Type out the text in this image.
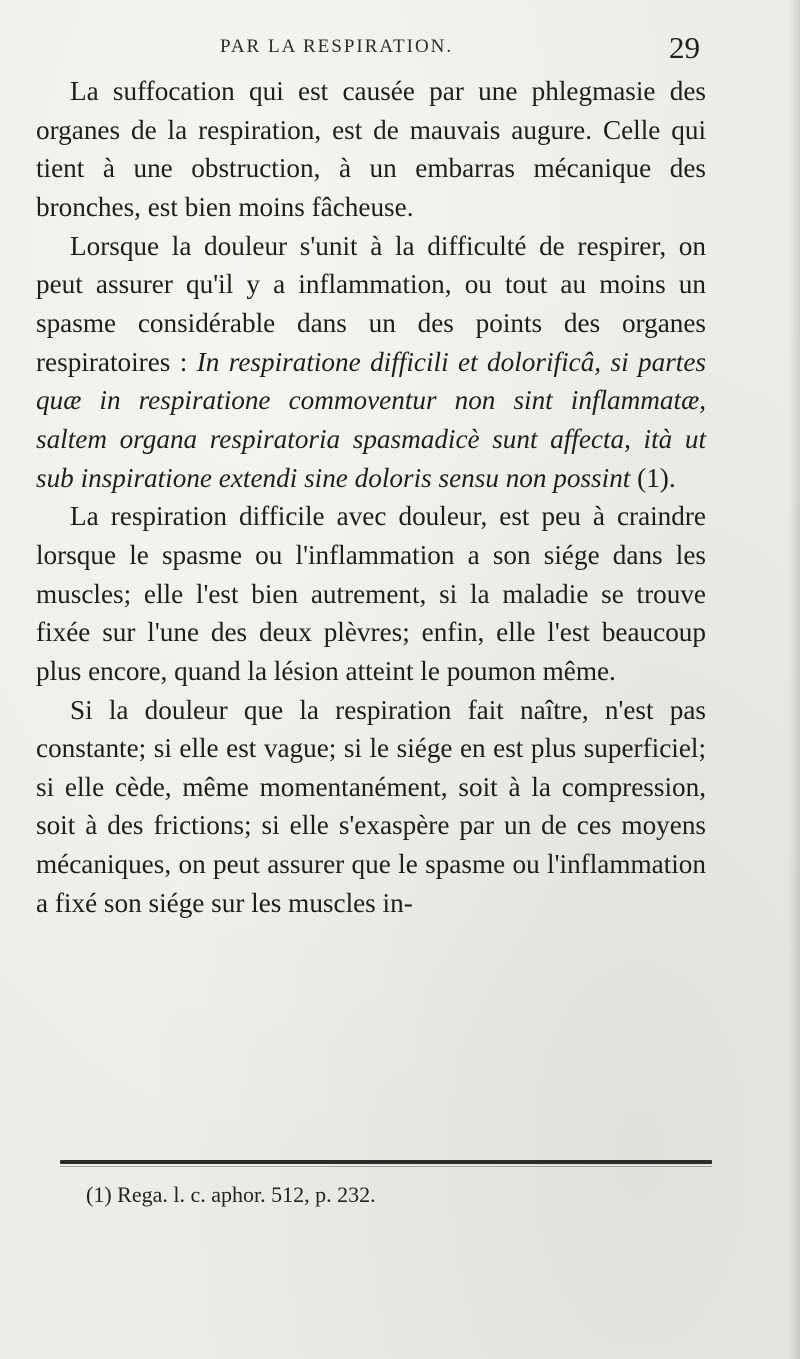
PAR LA RESPIRATION.	29

La suffocation qui est causée par une phlegmasie des organes de la respiration, est de mauvais augure. Celle qui tient à une obstruction, à un embarras mécanique des bronches, est bien moins fâcheuse.

Lorsque la douleur s'unit à la difficulté de respirer, on peut assurer qu'il y a inflammation, ou tout au moins un spasme considérable dans un des points des organes respiratoires : In respiratione difficili et dolorificâ, si partes quæ in respiratione commoventur non sint inflammatæ, saltem organa respiratoria spasmadicè sunt affecta, ità ut sub inspiratione extendi sine doloris sensu non possint (1).

La respiration difficile avec douleur, est peu à craindre lorsque le spasme ou l'inflammation a son siége dans les muscles; elle l'est bien autrement, si la maladie se trouve fixée sur l'une des deux plèvres; enfin, elle l'est beaucoup plus encore, quand la lésion atteint le poumon même.

Si la douleur que la respiration fait naître, n'est pas constante; si elle est vague; si le siége en est plus superficiel; si elle cède, même momentanément, soit à la compression, soit à des frictions; si elle s'exaspère par un de ces moyens mécaniques, on peut assurer que le spasme ou l'inflammation a fixé son siége sur les muscles in-

(1) Rega. l. c. aphor. 512, p. 232.
